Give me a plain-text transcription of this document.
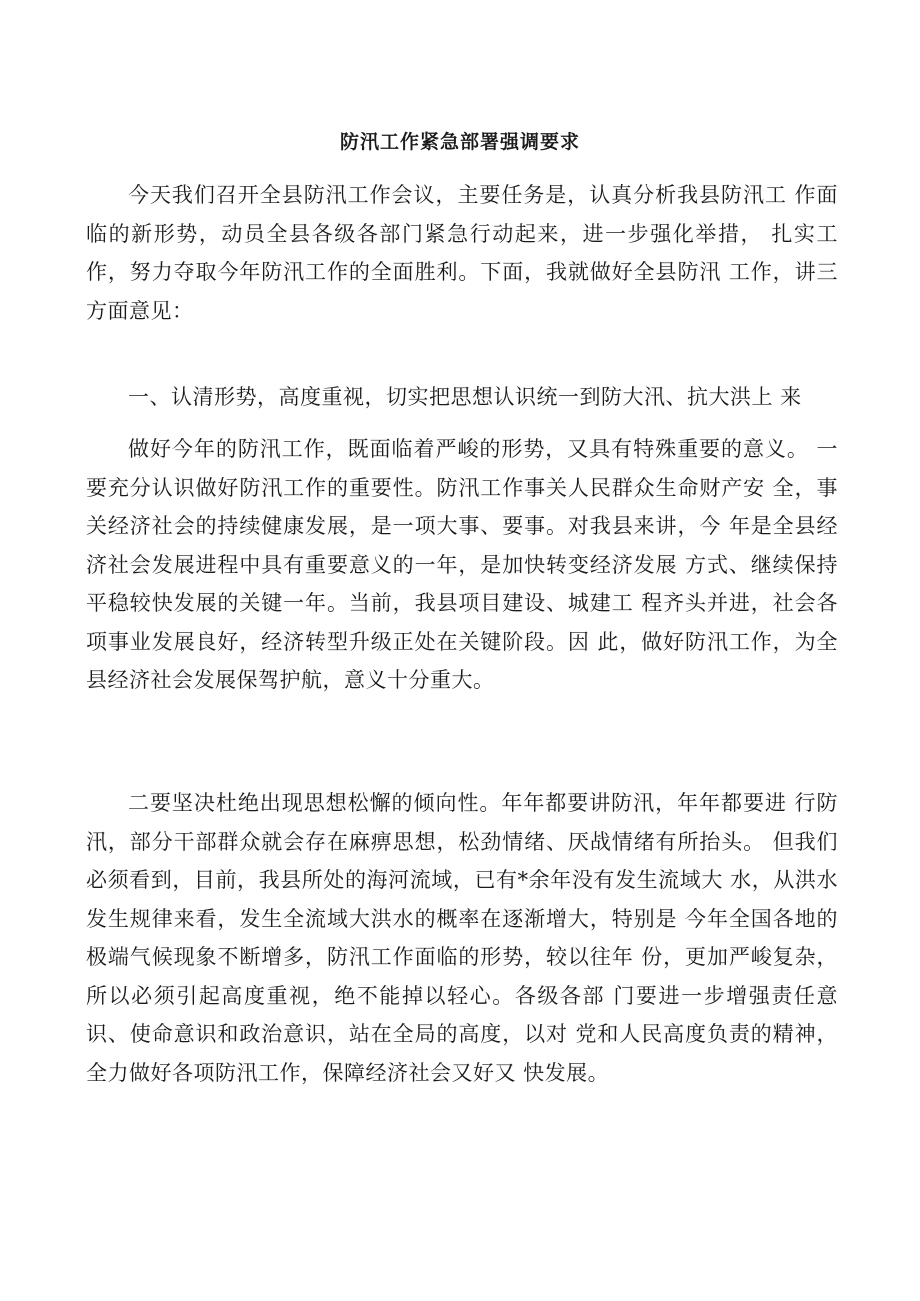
防汛工作紧急部署强调要求

今天我们召开全县防汛工作会议，主要任务是，认真分析我县防汛工 作面临的新形势，动员全县各级各部门紧急行动起来，进一步强化举措， 扎实工作，努力夺取今年防汛工作的全面胜利。下面，我就做好全县防汛 工作，讲三方面意见：

一、认清形势，高度重视，切实把思想认识统一到防大汛、抗大洪上 来

做好今年的防汛工作，既面临着严峻的形势，又具有特殊重要的意义。 一要充分认识做好防汛工作的重要性。防汛工作事关人民群众生命财产安 全，事关经济社会的持续健康发展，是一项大事、要事。对我县来讲，今 年是全县经济社会发展进程中具有重要意义的一年，是加快转变经济发展 方式、继续保持平稳较快发展的关键一年。当前，我县项目建设、城建工 程齐头并进，社会各项事业发展良好，经济转型升级正处在关键阶段。因 此，做好防汛工作，为全县经济社会发展保驾护航，意义十分重大。

二要坚决杜绝出现思想松懈的倾向性。年年都要讲防汛，年年都要进 行防汛，部分干部群众就会存在麻痹思想，松劲情绪、厌战情绪有所抬头。 但我们必须看到，目前，我县所处的海河流域，已有*余年没有发生流域大 水，从洪水发生规律来看，发生全流域大洪水的概率在逐渐增大，特别是 今年全国各地的极端气候现象不断增多，防汛工作面临的形势，较以往年 份，更加严峻复杂，所以必须引起高度重视，绝不能掉以轻心。各级各部 门要进一步增强责任意识、使命意识和政治意识，站在全局的高度，以对 党和人民高度负责的精神，全力做好各项防汛工作，保障经济社会又好又 快发展。
